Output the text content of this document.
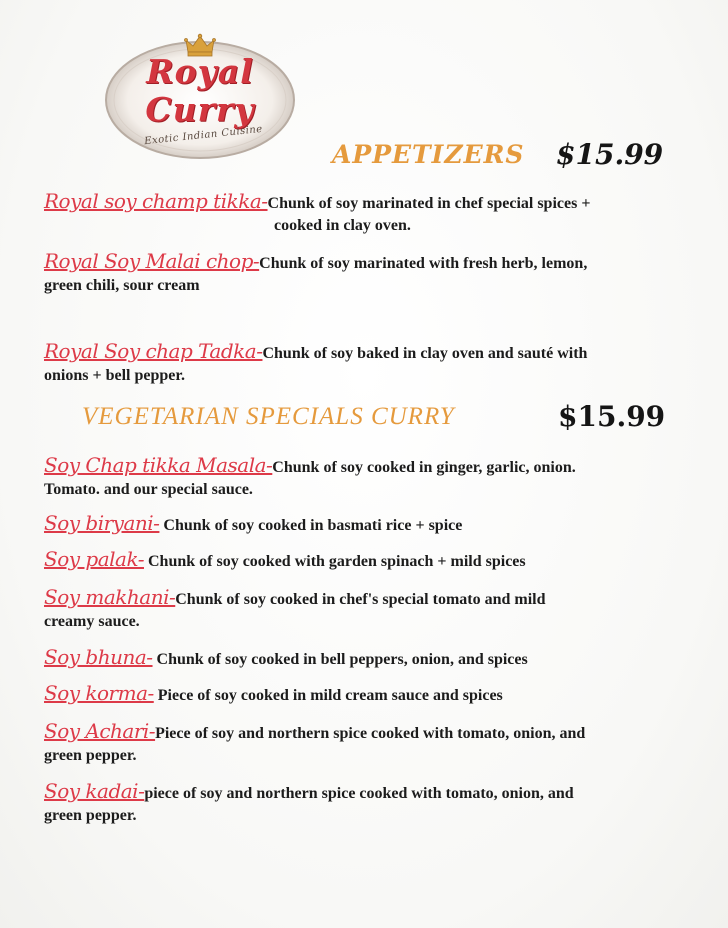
Royal
Curry
Exotic Indian Cuisine
APPETIZERS $15.99
Royal soy champ tikka-Chunk of soy marinated in chef special spices +
cooked in clay oven.
Royal Soy Malai chop-Chunk of soy marinated with fresh herb, lemon,
green chili, sour cream
Royal Soy chap Tadka-Chunk of soy baked in clay oven and sauté with
onions + bell pepper.
VEGETARIAN SPECIALS CURRY	$15.99
Soy Chap tikka Masala-Chunk of soy cooked in ginger, garlic, onion.
Tomato. and our special sauce.
Soy biryani- Chunk of soy cooked in basmati rice + spice
Soy palak- Chunk of soy cooked with garden spinach + mild spices
Soy makhani-Chunk of soy cooked in chef's special tomato and mild
creamy sauce.
Soy bhuna- Chunk of soy cooked in bell peppers, onion, and spices
Soy korma- Piece of soy cooked in mild cream sauce and spices
Soy Achari-Piece of soy and northern spice cooked with tomato, onion, and
green pepper.
Soy kadai-piece of soy and northern spice cooked with tomato, onion, and
green pepper.
